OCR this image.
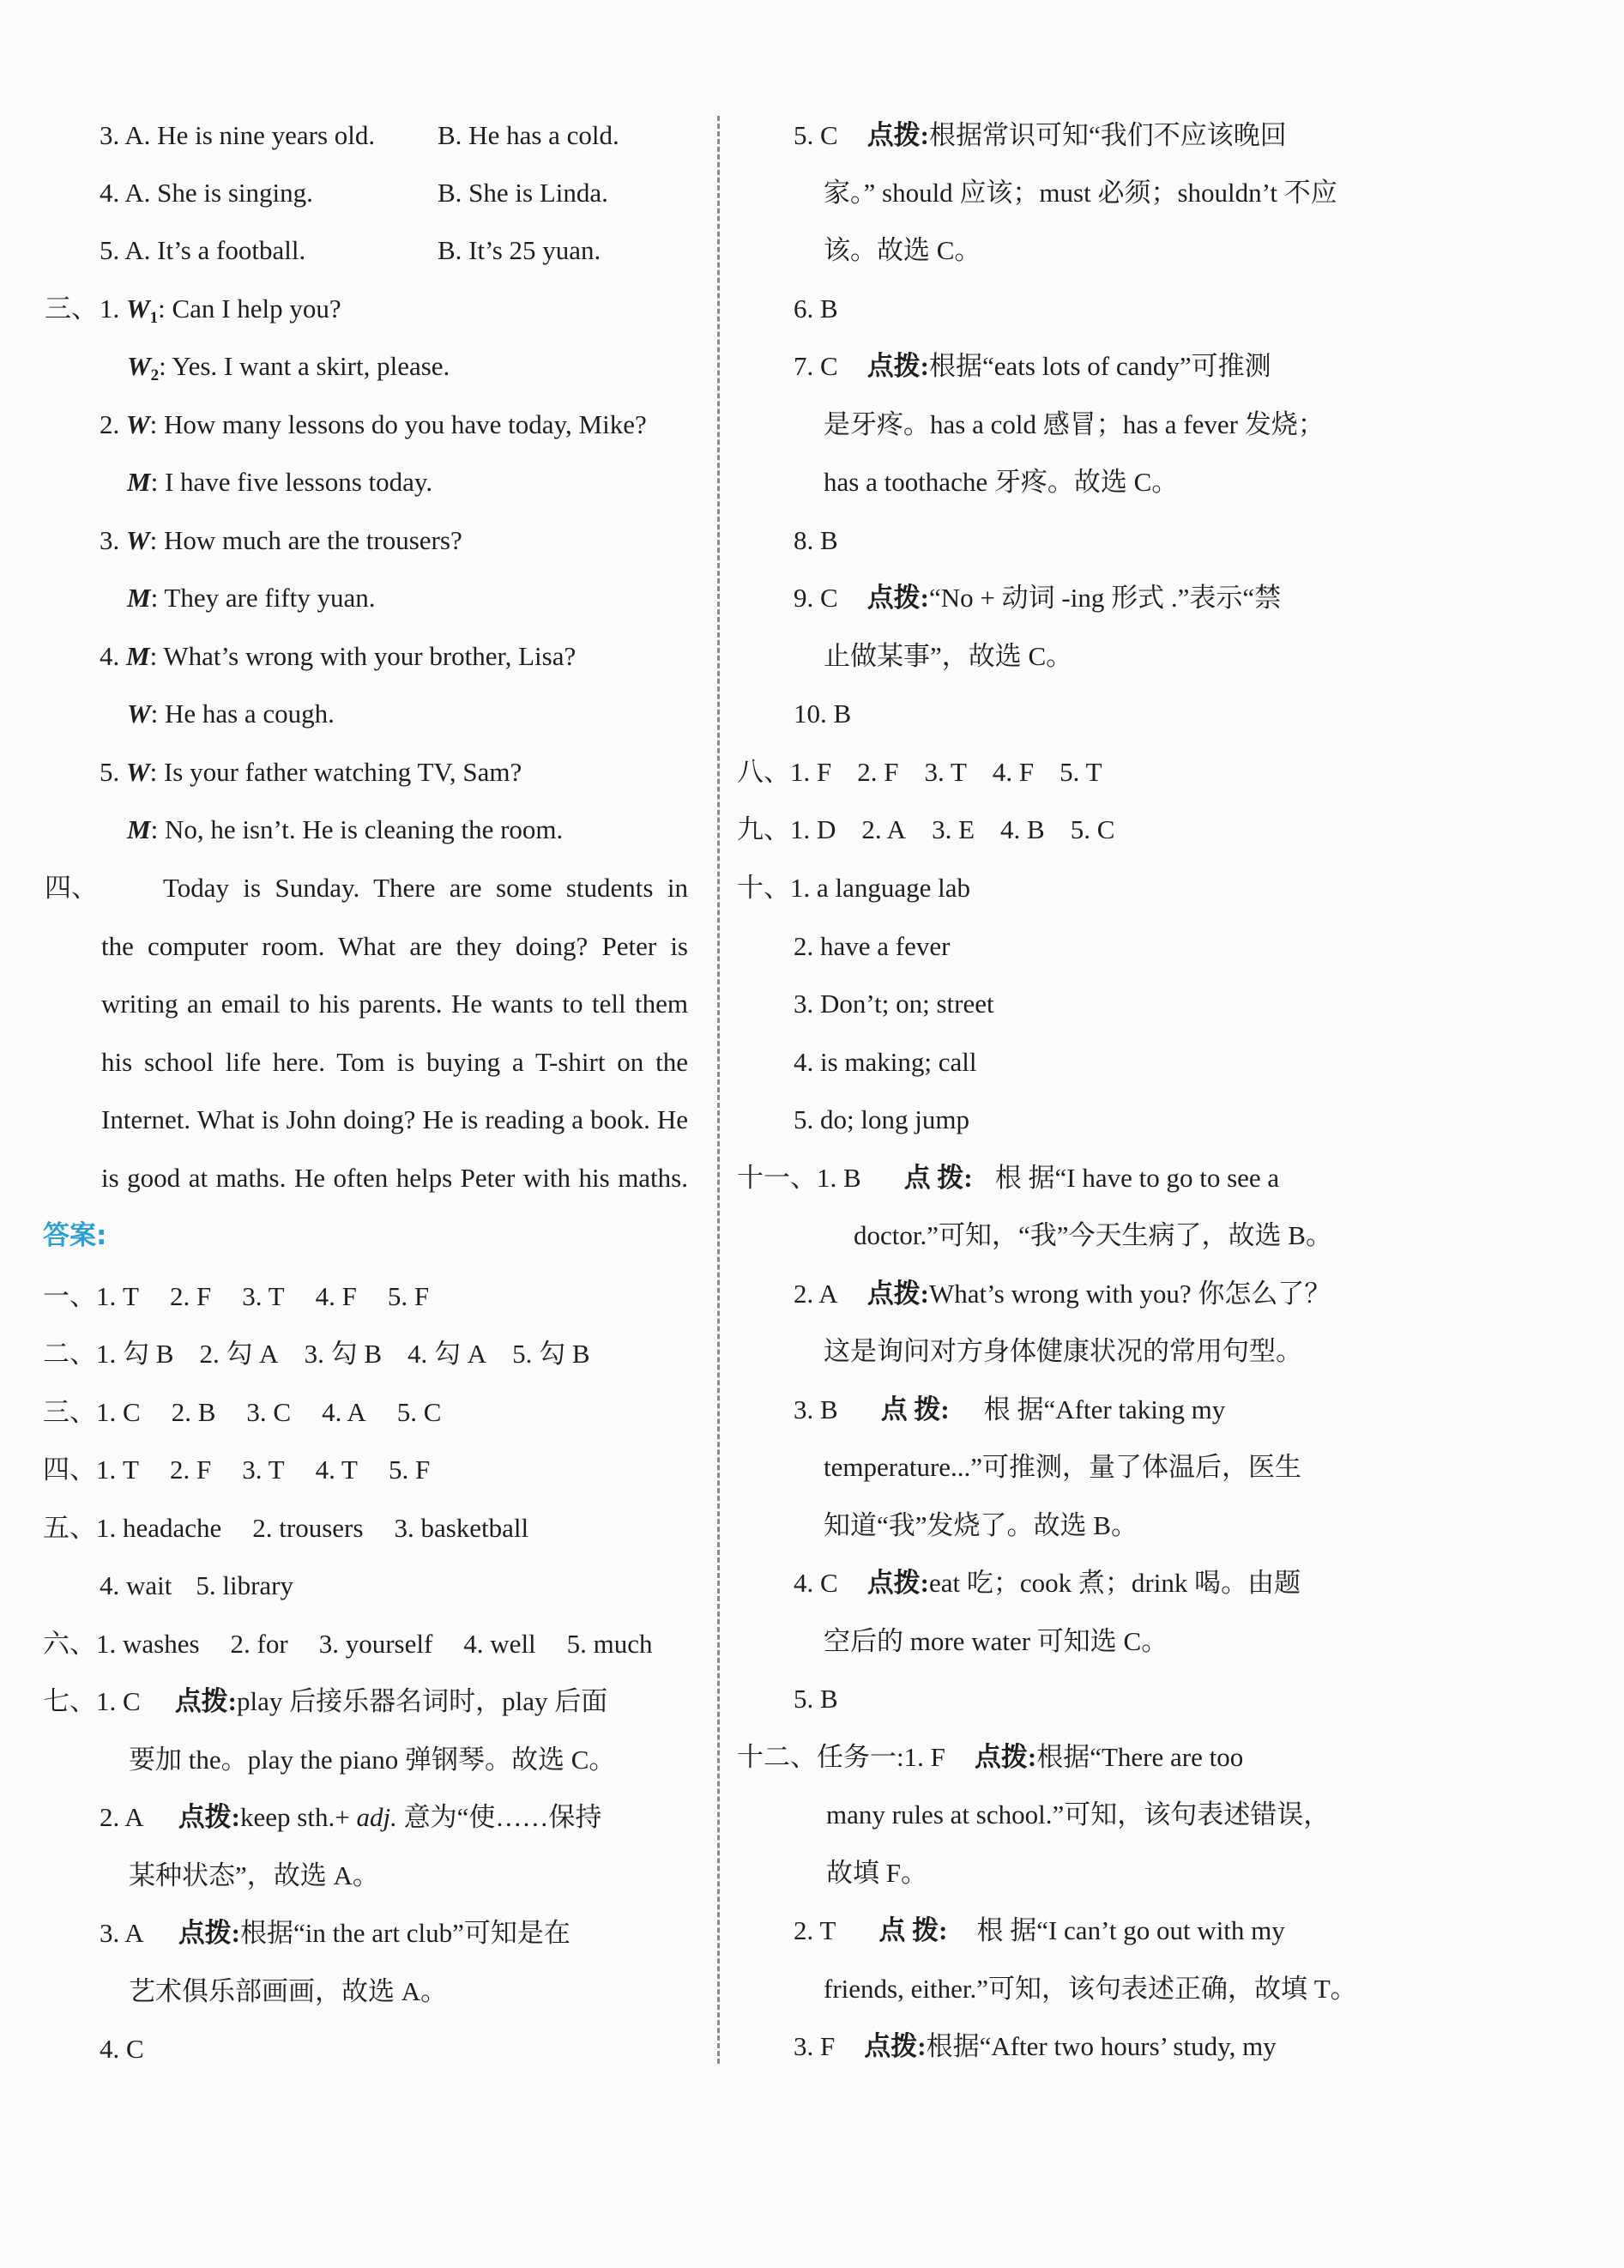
3. A. He is nine years old. B. He has a cold.
4. A. She is singing.	B. She is Linda.
5. A. It’s a football.	B. It’s 25 yuan.
三、 1. $W_1$: Can I help you?
$W_2$: Yes. I want a skirt, please.
2. W: How many lessons do you have today, Mike?
M: I have five lessons today.
3. W: How much are the trousers?
M: They are fifty yuan.
4. M: What’s wrong with your brother, Lisa?
W: He has a cough.
5. W: Is your father watching TV, Sam?
M: No, he isn’t. He is cleaning the room.
四、 Today is Sunday. There are some students in
the computer room. What are they doing? Peter is
writing an email to his parents. He wants to tell them
his school life here. Tom is buying a T-shirt on the
Internet. What is John doing? He is reading a book. He
is good at maths. He often helps Peter with his maths.
答案:
一、1. T 2. F 3. T 4. F 5. F
二、1. 勾 B 2. 勾 A 3. 勾 B 4. 勾 A 5. 勾 B
三、1. C 2. B 3. C 4. A 5. C
四、1. T 2. F 3. T 4. T 5. F
五、1. headache 2. trousers 3. basketball
4. wait 5. library
六、1. washes 2. for 3. yourself 4. well 5. much
七、1. C 点拨:play 后接乐器名词时，play 后面
要加 the。play the piano 弹钢琴。故选 C。
2. A 点拨:keep sth.+ adj. 意为“使……保持
某种状态”，故选 A。
3. A 点拨:根据“in the art club”可知是在
艺术俱乐部画画，故选 A。
4. C
5. C 点拨:根据常识可知“我们不应该晚回
家。” should 应该；must 必须；shouldn’t 不应
该。故选 C。
6. B
7. C 点拨:根据“eats lots of candy”可推测
是牙疼。has a cold 感冒；has a fever 发烧；
has a toothache 牙疼。故选 C。
8. B
9. C 点拨:“No + 动词 -ing 形式 .”表示“禁
止做某事”，故选 C。
10. B
八、1. F 2. F 3. T 4. F 5. T
九、1. D 2. A 3. E 4. B 5. C
十、1. a language lab
2. have a fever
3. Don’t; on; street
4. is making; call
5. do; long jump
十一、1. B 点 拨: 根 据“I have to go to see a
doctor.”可知，“我”今天生病了，故选 B。
2. A 点拨:What’s wrong with you? 你怎么了？
这是询问对方身体健康状况的常用句型。
3. B 点 拨: 根 据“After taking my
temperature...”可推测，量了体温后，医生
知道“我”发烧了。故选 B。
4. C 点拨:eat 吃；cook 煮；drink 喝。由题
空后的 more water 可知选 C。
5. B
十二、任务一:1. F 点拨:根据“There are too
many rules at school.”可知，该句表述错误，
故填 F。
2. T 点 拨: 根 据“I can’t go out with my
friends, either.”可知，该句表述正确，故填 T。
3. F 点拨:根据“After two hours’ study, my
